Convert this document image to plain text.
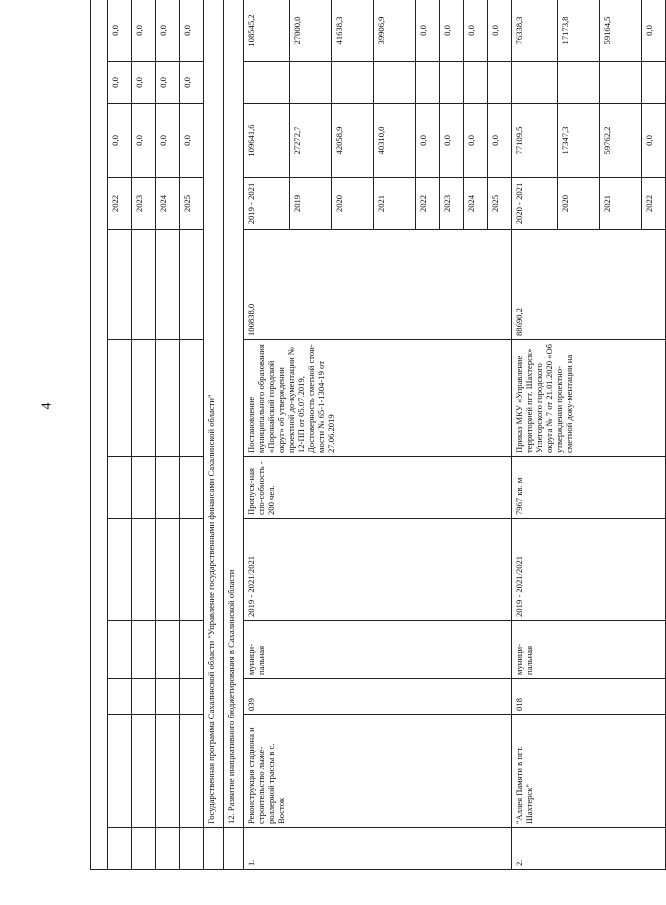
4

								2022	0,0	0,0	0,0		
								2023	0,0	0,0	0,0		
								2024	0,0	0,0	0,0		
								2025	0,0	0,0	0,0		
	Государственная программа Сахалинской области "Управление государственными финансами Сахалинской области"												
	12. Развитие инициативного бюджетирования в Сахалинской области												
1.	Реконструкция стадиона и строительство лыже-роллерной трассы в с. Восток	039	муници-пальная	2019 - 2021/2021	Пропуск-ная спо-собность - 200 чел.	Постановление муниципального образования «Поронайский городской округ» об утверждении проектной до-кументации № 12-ПП от 05.07.2019, Достоверность сметной стои-мости № 65-1-1304-19 от 27.06.2019	100838,0	2019 - 2021	109641,6		108545,2		
								2019	27272,7		27000,0		
								2020	42058,9		41638,3		
								2021	40310,0		39906,9		
								2022	0,0		0,0		
								2023	0,0		0,0		
								2024	0,0		0,0		
								2025	0,0		0,0		
2.	"Аллея Памяти в пгт. Шахтерск"	018	муници-пальная	2019 - 2021/2021	7967 кв. м	Приказ МКУ «Управление территорией пгт. Шахтерск» Углегорского городского округа № 7 от 21.01.2020 «Об утверждении проектно-сметной доку-ментации на	88690,2	2020 - 2021	77109,5		76338,3		
								2020	17347,3		17173,8		
								2021	59762,2		59164,5		
								2022	0,0		0,0		
